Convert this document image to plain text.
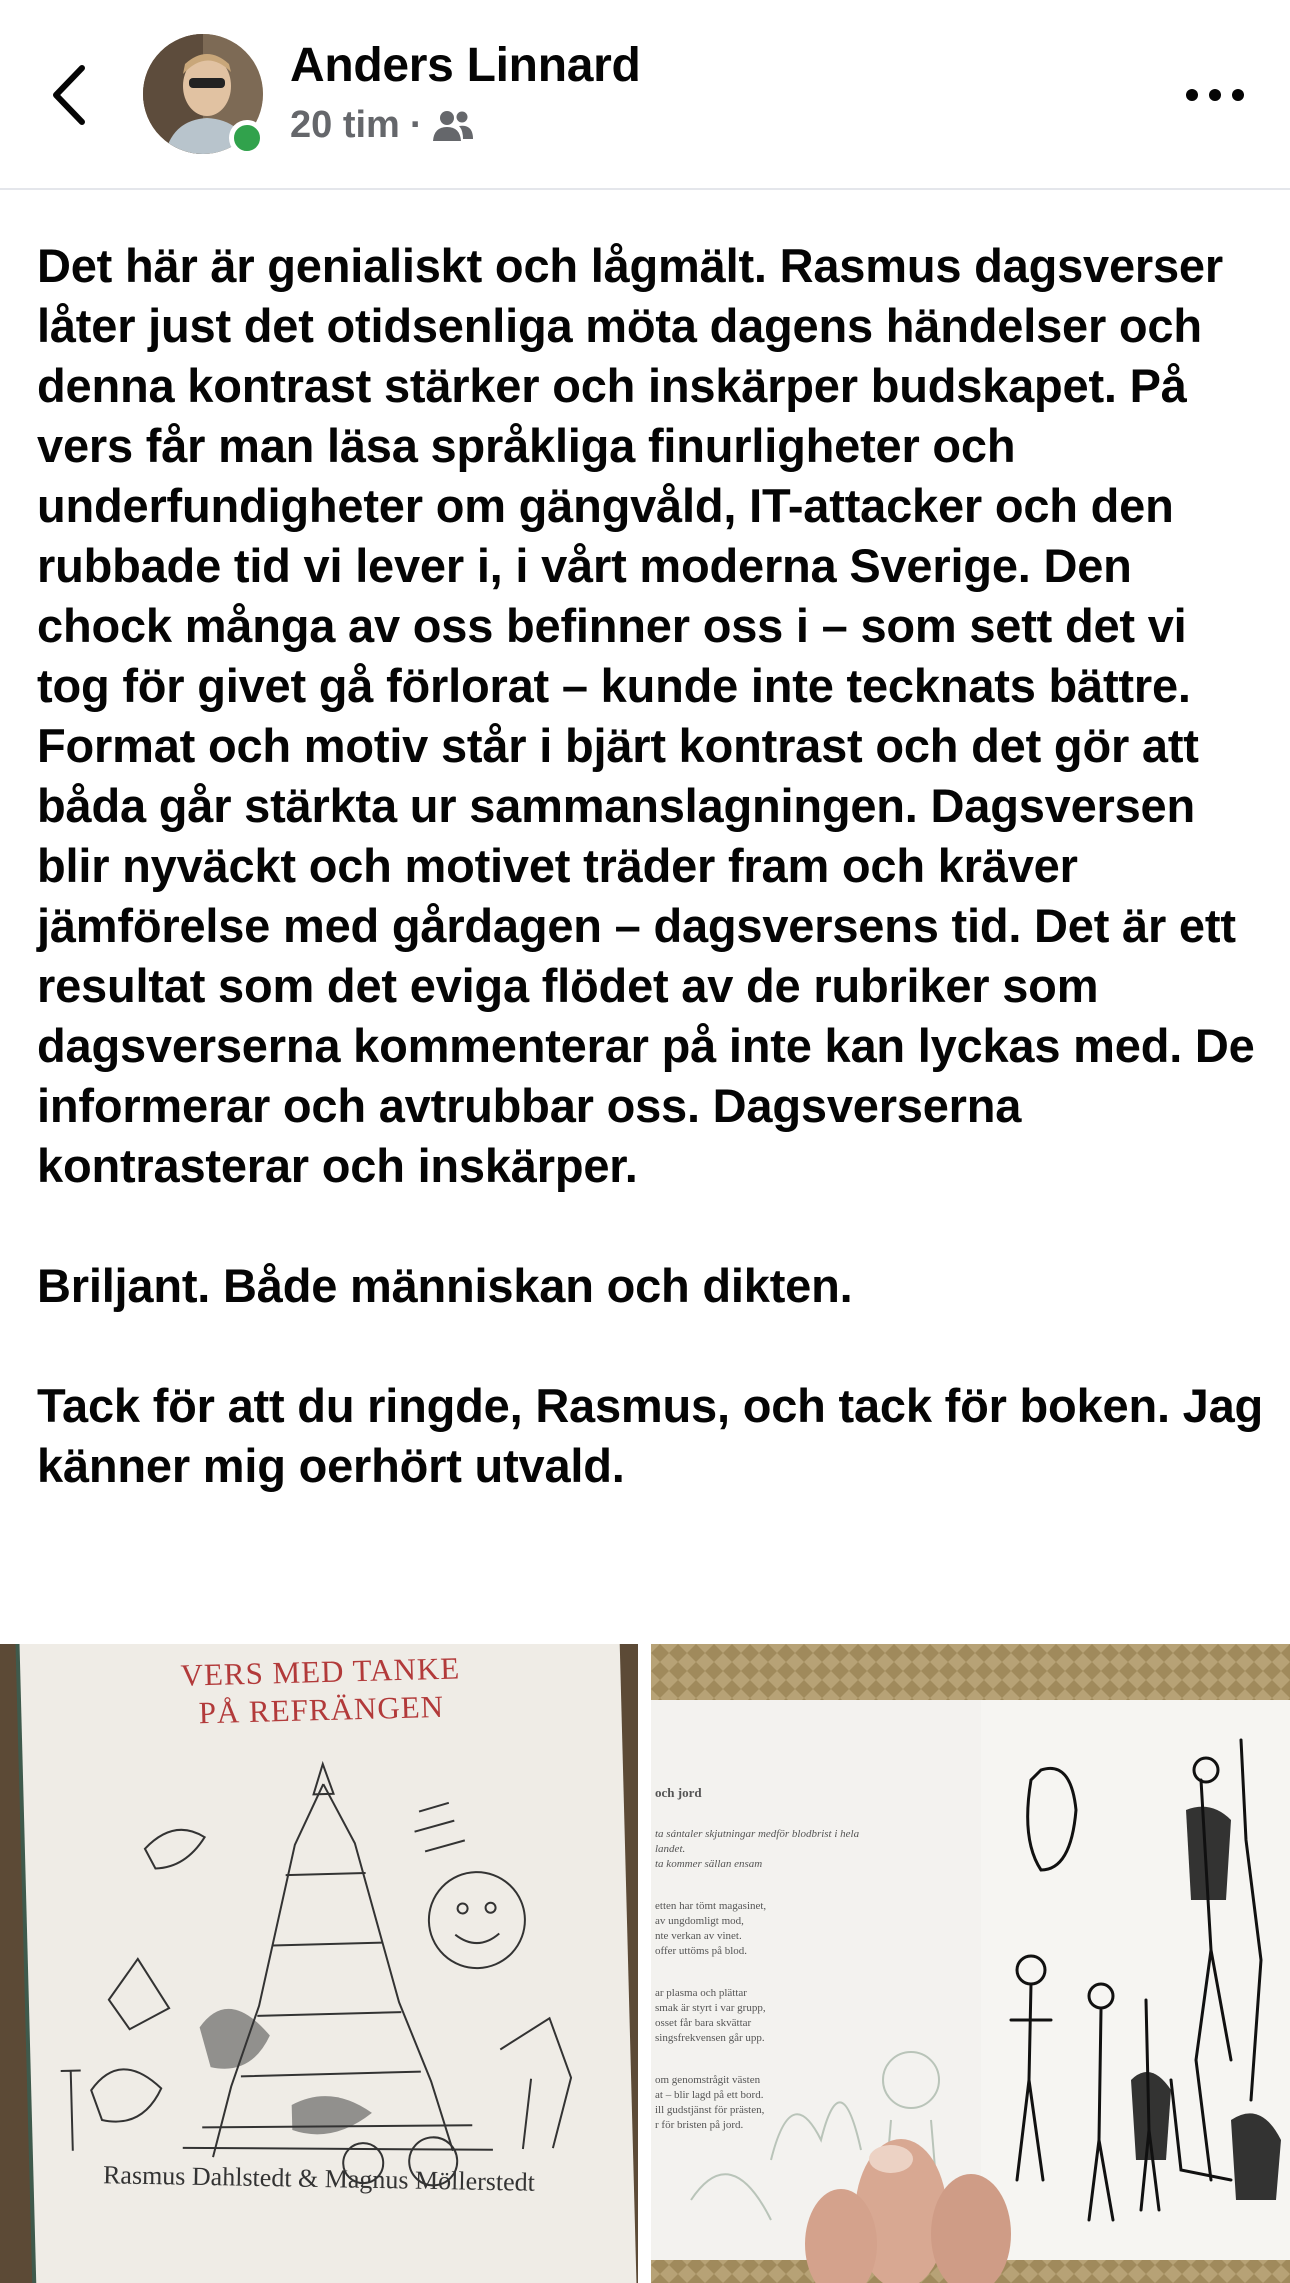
Anders Linnard
20 tim ·
Det här är genialiskt och lågmält. Rasmus dagsverser låter just det otidsenliga möta dagens händelser och denna kontrast stärker och inskärper budskapet. På vers får man läsa språkliga finurligheter och underfundigheter om gängvåld, IT-attacker och den rubbade tid vi lever i, i vårt moderna Sverige. Den chock många av oss befinner oss i – som sett det vi tog för givet gå förlorat – kunde inte tecknats bättre. Format och motiv står i bjärt kontrast och det gör att båda går stärkta ur sammanslagningen. Dagsversen blir nyväckt och motivet träder fram och kräver jämförelse med gårdagen – dagsversens tid. Det är ett resultat som det eviga flödet av de rubriker som dagsverserna kommenterar på inte kan lyckas med. De informerar och avtrubbar oss. Dagsverserna kontrasterar och inskärper.

Briljant. Både människan och dikten.

Tack för att du ringde, Rasmus, och tack för boken. Jag känner mig oerhört utvald.
VERS MED TANKE
PÅ REFRÄNGEN
Rasmus Dahlstedt & Magnus Möllerstedt

och jord

ta sántaler skjutningar medför blodbrist i hela landet.
ta kommer sällan ensam

etten har tömt magasinet,
av ungdomligt mod,
nte verkan av vinet.
offer uttöms på blod.

ar plasma och plättar
smak är styrt i var grupp,
osset får bara skvättar
singsfrekvensen går upp.

om genomstrågit västen
at – blir lagd på ett bord.
ill gudstjänst för prästen,
r för bristen på jord.
